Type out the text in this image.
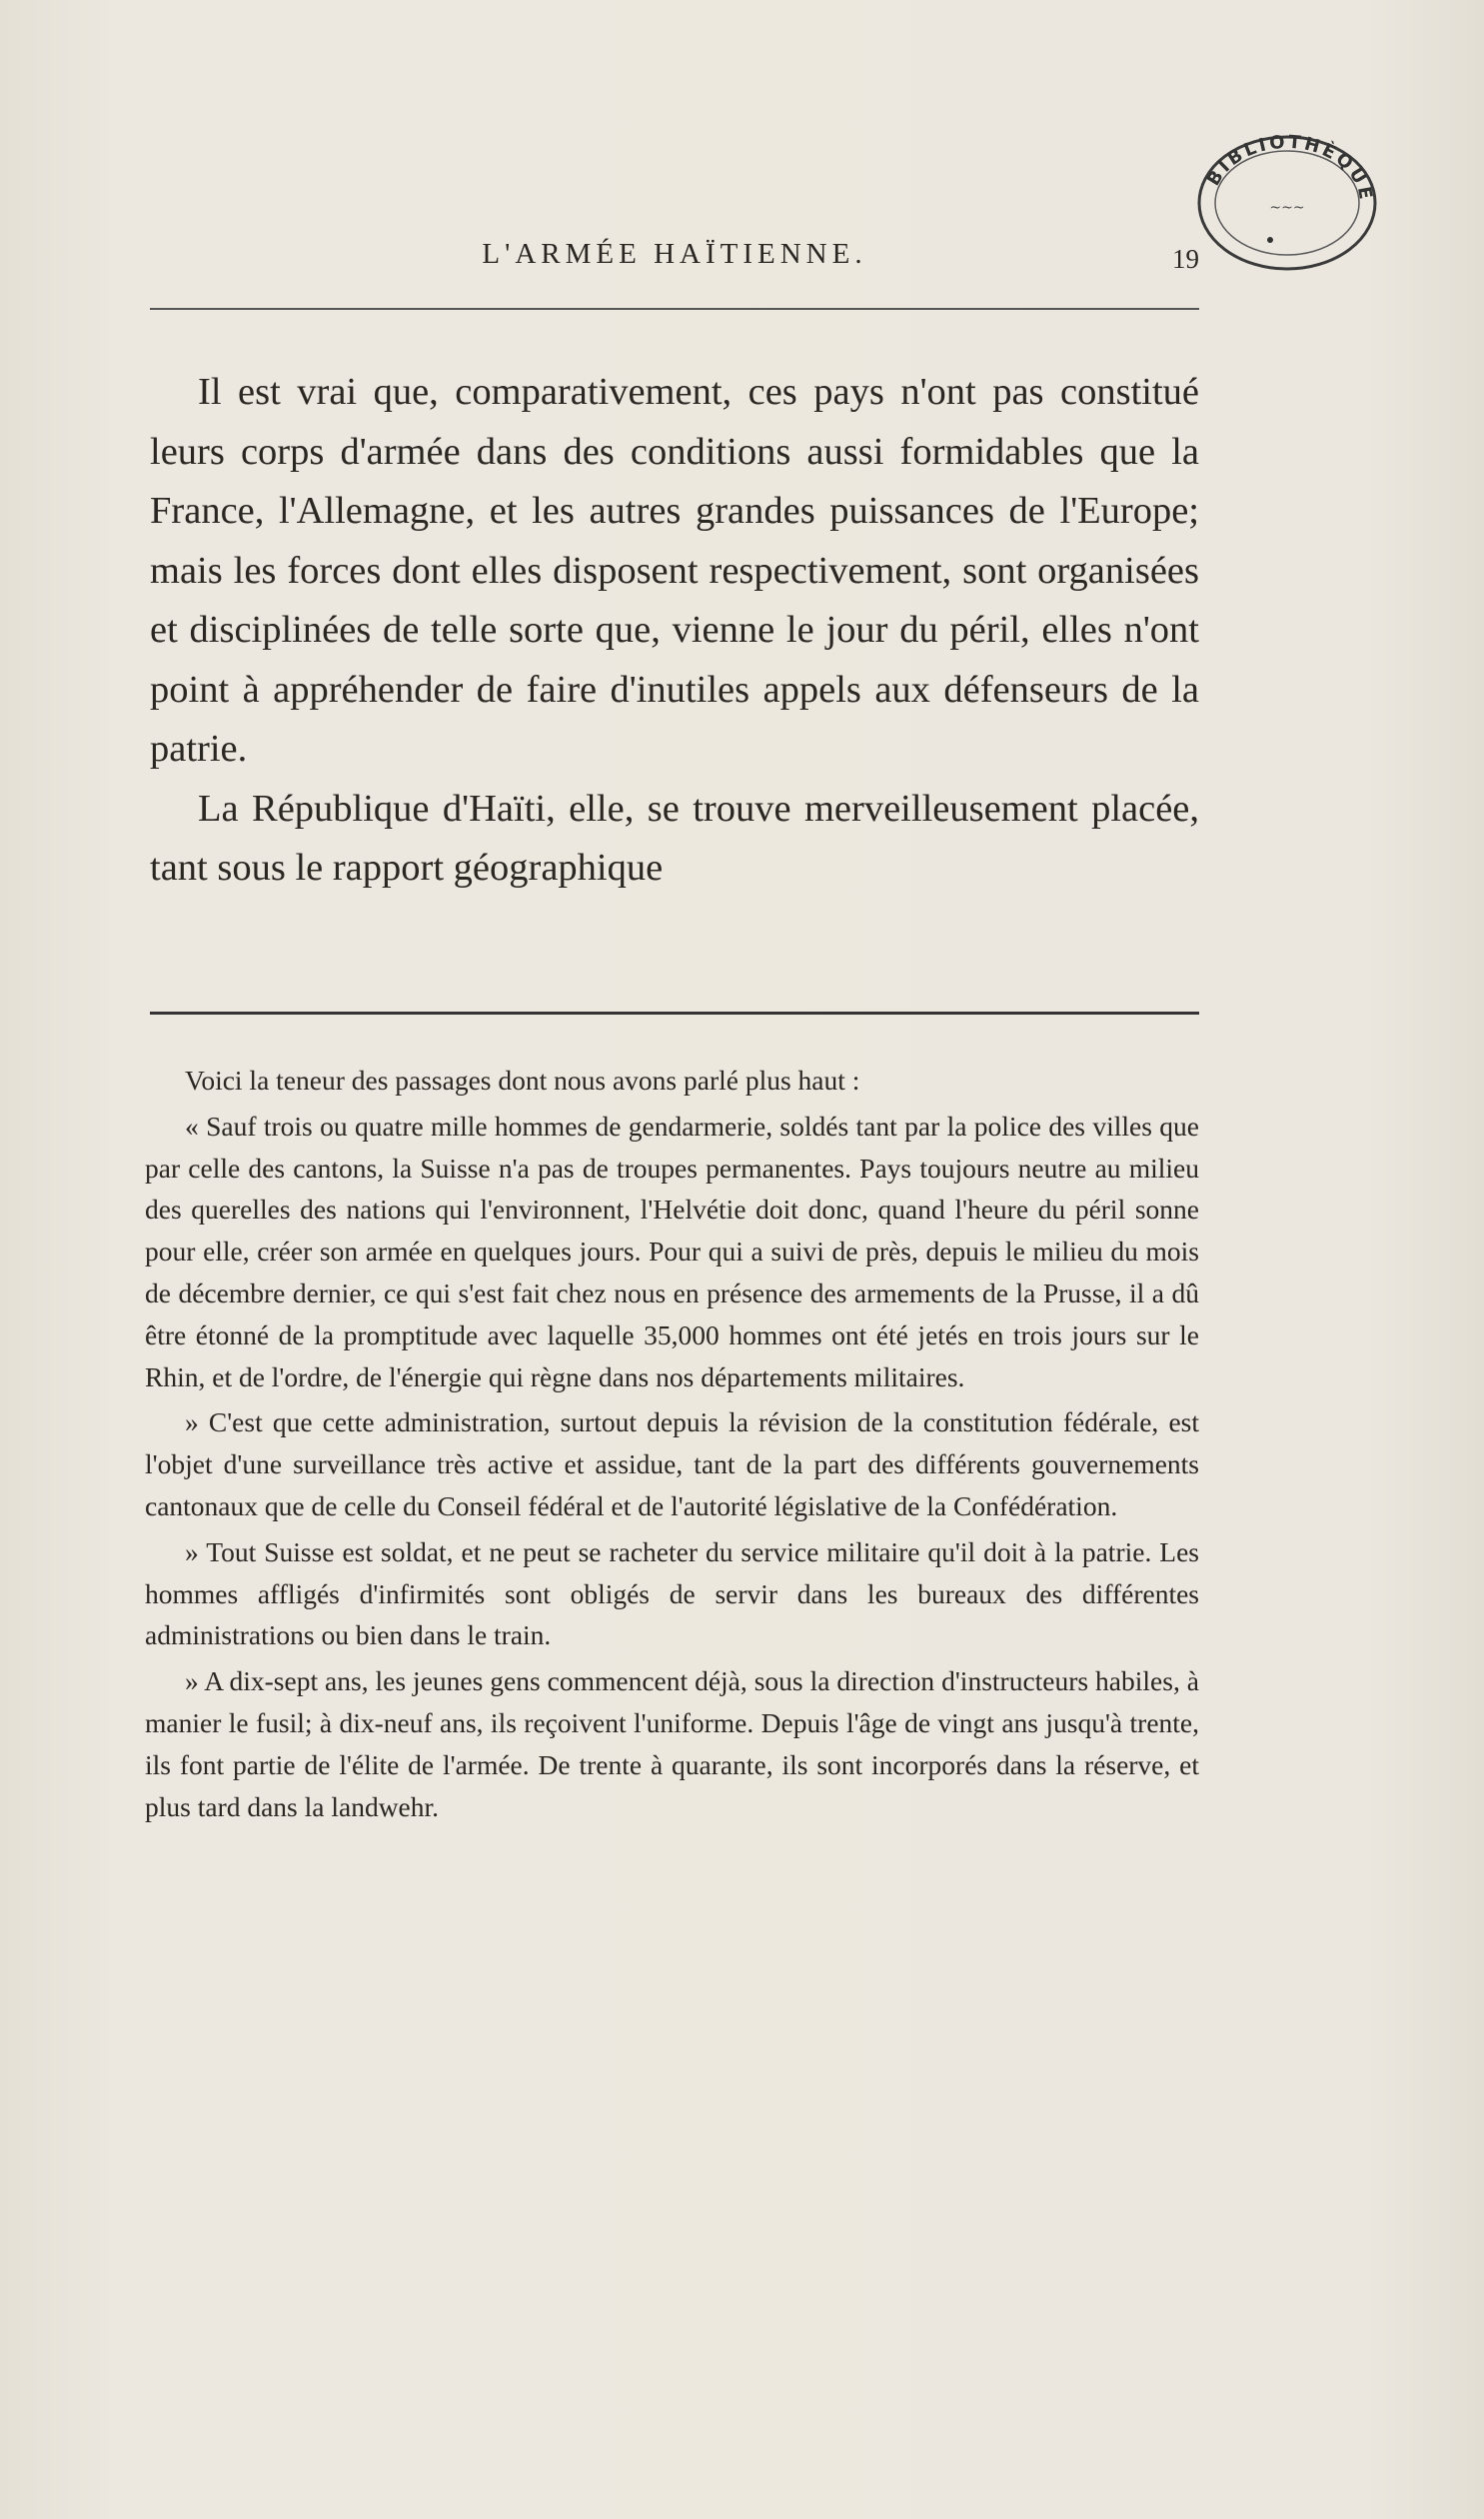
L'ARMÉE HAÏTIENNE.	19
BIBLIOTHÈQUE
~~~

Il est vrai que, comparativement, ces pays n'ont pas constitué leurs corps d'armée dans des conditions aussi formidables que la France, l'Allemagne, et les autres grandes puissances de l'Europe; mais les forces dont elles disposent respectivement, sont organisées et disciplinées de telle sorte que, vienne le jour du péril, elles n'ont point à appréhender de faire d'inutiles appels aux défenseurs de la patrie.

La République d'Haïti, elle, se trouve merveilleusement placée, tant sous le rapport géographique

Voici la teneur des passages dont nous avons parlé plus haut :

« Sauf trois ou quatre mille hommes de gendarmerie, soldés tant par la police des villes que par celle des cantons, la Suisse n'a pas de troupes permanentes. Pays toujours neutre au milieu des querelles des nations qui l'environnent, l'Helvétie doit donc, quand l'heure du péril sonne pour elle, créer son armée en quelques jours. Pour qui a suivi de près, depuis le milieu du mois de décembre dernier, ce qui s'est fait chez nous en présence des armements de la Prusse, il a dû être étonné de la promptitude avec laquelle 35,000 hommes ont été jetés en trois jours sur le Rhin, et de l'ordre, de l'énergie qui règne dans nos départements militaires.

» C'est que cette administration, surtout depuis la révision de la constitution fédérale, est l'objet d'une surveillance très active et assidue, tant de la part des différents gouvernements cantonaux que de celle du Conseil fédéral et de l'autorité législative de la Confédération.

» Tout Suisse est soldat, et ne peut se racheter du service militaire qu'il doit à la patrie. Les hommes affligés d'infirmités sont obligés de servir dans les bureaux des différentes administrations ou bien dans le train.

» A dix-sept ans, les jeunes gens commencent déjà, sous la direction d'instructeurs habiles, à manier le fusil; à dix-neuf ans, ils reçoivent l'uniforme. Depuis l'âge de vingt ans jusqu'à trente, ils font partie de l'élite de l'armée. De trente à quarante, ils sont incorporés dans la réserve, et plus tard dans la landwehr.
